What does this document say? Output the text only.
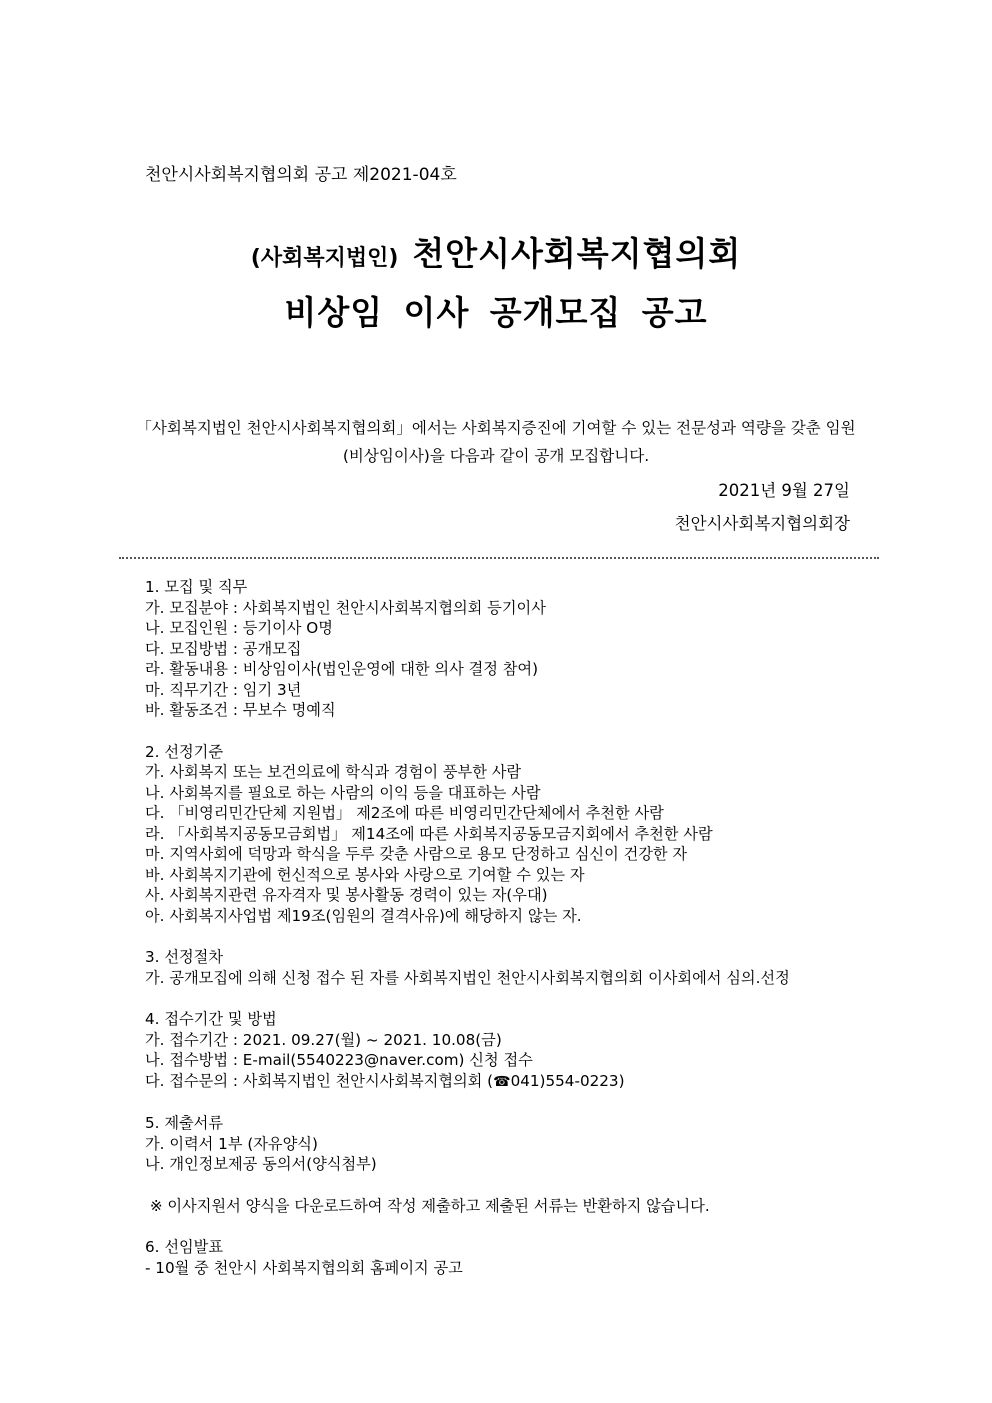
천안시사회복지협의회 공고 제2021-04호
(사회복지법인) 천안시사회복지협의회
비상임 이사 공개모집 공고
「사회복지법인 천안시사회복지협의회」에서는 사회복지증진에 기여할 수 있는 전문성과 역량을 갖춘 임원(비상임이사)을 다음과 같이 공개 모집합니다.
2021년 9월 27일
천안시사회복지협의회장
1. 모집 및 직무
가. 모집분야 : 사회복지법인 천안시사회복지협의회 등기이사
나. 모집인원 : 등기이사 O명
다. 모집방법 : 공개모집
라. 활동내용 : 비상임이사(법인운영에 대한 의사 결정 참여)
마. 직무기간 : 임기 3년
바. 활동조건 : 무보수 명예직
2. 선정기준
가. 사회복지 또는 보건의료에 학식과 경험이 풍부한 사람
나. 사회복지를 필요로 하는 사람의 이익 등을 대표하는 사람
다. 「비영리민간단체 지원법」 제2조에 따른 비영리민간단체에서 추천한 사람
라. 「사회복지공동모금회법」 제14조에 따른 사회복지공동모금지회에서 추천한 사람
마. 지역사회에 덕망과 학식을 두루 갖춘 사람으로 용모 단정하고 심신이 건강한 자
바. 사회복지기관에 헌신적으로 봉사와 사랑으로 기여할 수 있는 자
사. 사회복지관련 유자격자 및 봉사활동 경력이 있는 자(우대)
아. 사회복지사업법 제19조(임원의 결격사유)에 해당하지 않는 자.
3. 선정절차
가. 공개모집에 의해 신청 접수 된 자를 사회복지법인 천안시사회복지협의회 이사회에서 심의.선정
4. 접수기간 및 방법
가. 접수기간 : 2021. 09.27(월) ~ 2021. 10.08(금)
나. 접수방법 : E-mail(5540223@naver.com) 신청 접수
다. 접수문의 : 사회복지법인 천안시사회복지협의회 (☎041)554-0223)
5. 제출서류
가. 이력서 1부 (자유양식)
나. 개인정보제공 동의서(양식첨부)
※ 이사지원서 양식을 다운로드하여 작성 제출하고 제출된 서류는 반환하지 않습니다.
6. 선임발표
- 10월 중 천안시 사회복지협의회 홈페이지 공고
